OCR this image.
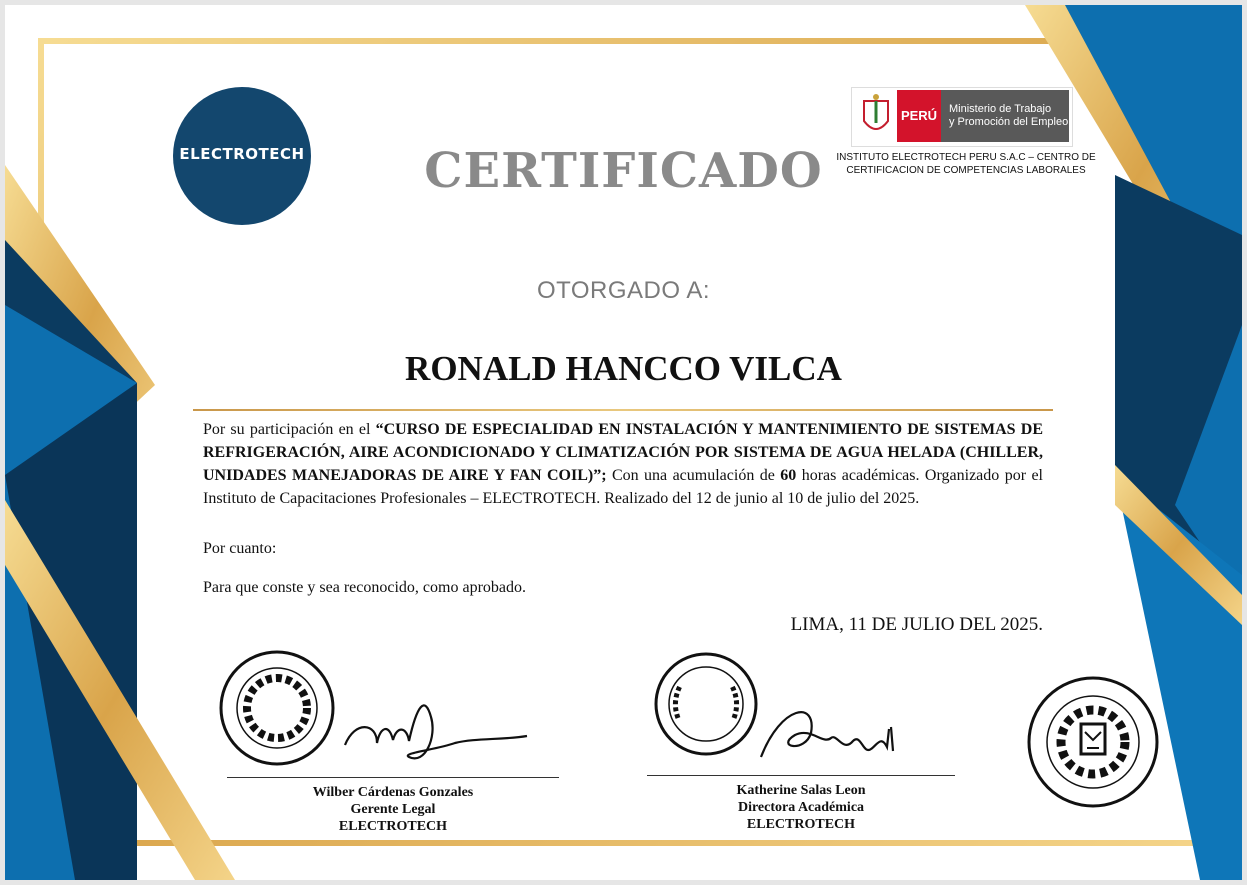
ELECTROTECH
PERÚ	Ministerio de Trabajo
y Promoción del Empleo
INSTITUTO ELECTROTECH PERU S.A.C – CENTRO DE
CERTIFICACION DE COMPETENCIAS LABORALES
CERTIFICADO
OTORGADO A:
RONALD HANCCO VILCA

Por su participación en el “CURSO DE ESPECIALIDAD EN INSTALACIÓN Y MANTENIMIENTO DE SISTEMAS DE REFRIGERACIÓN, AIRE ACONDICIONADO Y CLIMATIZACIÓN POR SISTEMA DE AGUA HELADA (CHILLER, UNIDADES MANEJADORAS DE AIRE Y FAN COIL)”; Con una acumulación de 60 horas académicas. Organizado por el Instituto de Capacitaciones Profesionales – ELECTROTECH. Realizado del 12 de junio al 10 de julio del 2025.

Por cuanto:
Para que conste y sea reconocido, como aprobado.
LIMA, 11 DE JULIO DEL 2025.
Wilber Cárdenas Gonzales
Gerente Legal
ELECTROTECH
Katherine Salas Leon
Directora Académica
ELECTROTECH
